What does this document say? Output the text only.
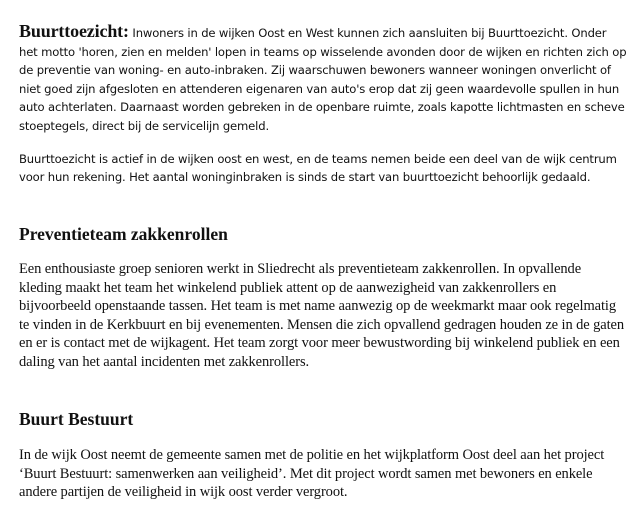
Buurttoezicht: Inwoners in de wijken Oost en West kunnen zich aansluiten bij Buurttoezicht. Onder het motto 'horen, zien en melden' lopen in teams op wisselende avonden door de wijken en richten zich op de preventie van woning- en auto-inbraken. Zij waarschuwen bewoners wanneer woningen onverlicht of niet goed zijn afgesloten en attenderen eigenaren van auto's erop dat zij geen waardevolle spullen in hun auto achterlaten. Daarnaast worden gebreken in de openbare ruimte, zoals kapotte lichtmasten en scheve stoeptegels, direct bij de servicelijn gemeld.

Buurttoezicht is actief in de wijken oost en west, en de teams nemen beide een deel van de wijk centrum voor hun rekening. Het aantal woninginbraken is sinds de start van buurttoezicht behoorlijk gedaald.

Preventieteam zakkenrollen

Een enthousiaste groep senioren werkt in Sliedrecht als preventieteam zakkenrollen. In opvallende kleding maakt het team het winkelend publiek attent op de aanwezigheid van zakkenrollers en bijvoorbeeld openstaande tassen. Het team is met name aanwezig op de weekmarkt maar ook regelmatig te vinden in de Kerkbuurt en bij evenementen. Mensen die zich opvallend gedragen houden ze in de gaten en er is contact met de wijkagent. Het team zorgt voor meer bewustwording bij winkelend publiek en een daling van het aantal incidenten met zakkenrollers.

Buurt Bestuurt

In de wijk Oost neemt de gemeente samen met de politie en het wijkplatform Oost deel aan het project ‘Buurt Bestuurt: samenwerken aan veiligheid’. Met dit project wordt samen met bewoners en enkele andere partijen de veiligheid in wijk oost verder vergroot.
